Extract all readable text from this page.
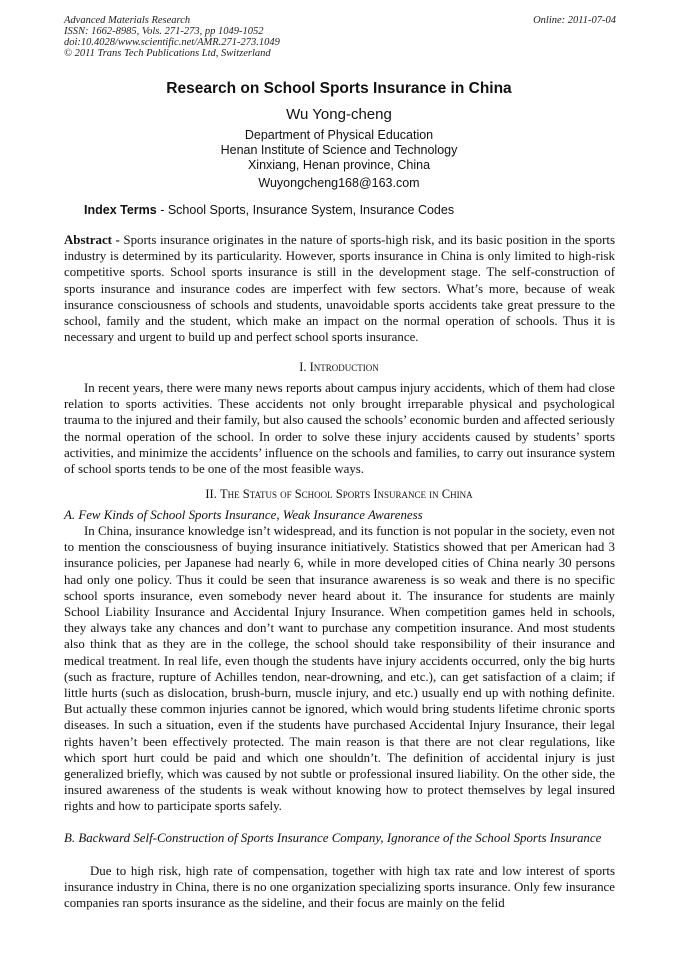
Advanced Materials Research
ISSN: 1662-8985, Vols. 271-273, pp 1049-1052
doi:10.4028/www.scientific.net/AMR.271-273.1049
© 2011 Trans Tech Publications Ltd, Switzerland
Online: 2011-07-04
Research on School Sports Insurance in China
Wu Yong-cheng
Department of Physical Education
Henan Institute of Science and Technology
Xinxiang, Henan province, China
Wuyongcheng168@163.com
Index Terms - School Sports, Insurance System, Insurance Codes
Abstract - Sports insurance originates in the nature of sports-high risk, and its basic position in the sports industry is determined by its particularity. However, sports insurance in China is only limited to high-risk competitive sports. School sports insurance is still in the development stage. The self-construction of sports insurance and insurance codes are imperfect with few sectors. What’s more, because of weak insurance consciousness of schools and students, unavoidable sports accidents take great pressure to the school, family and the student, which make an impact on the normal operation of schools. Thus it is necessary and urgent to build up and perfect school sports insurance.
I. Introduction
In recent years, there were many news reports about campus injury accidents, which of them had close relation to sports activities. These accidents not only brought irreparable physical and psychological trauma to the injured and their family, but also caused the schools’ economic burden and affected seriously the normal operation of the school. In order to solve these injury accidents caused by students’ sports activities, and minimize the accidents’ influence on the schools and families, to carry out insurance system of school sports tends to be one of the most feasible ways.
II. The Status of School Sports Insurance in China
A. Few Kinds of School Sports Insurance, Weak Insurance Awareness
In China, insurance knowledge isn’t widespread, and its function is not popular in the society, even not to mention the consciousness of buying insurance initiatively. Statistics showed that per American had 3 insurance policies, per Japanese had nearly 6, while in more developed cities of China nearly 30 persons had only one policy. Thus it could be seen that insurance awareness is so weak and there is no specific school sports insurance, even somebody never heard about it. The insurance for students are mainly School Liability Insurance and Accidental Injury Insurance. When competition games held in schools, they always take any chances and don’t want to purchase any competition insurance. And most students also think that as they are in the college, the school should take responsibility of their insurance and medical treatment. In real life, even though the students have injury accidents occurred, only the big hurts (such as fracture, rupture of Achilles tendon, near-drowning, and etc.), can get satisfaction of a claim; if little hurts (such as dislocation, brush-burn, muscle injury, and etc.) usually end up with nothing definite. But actually these common injuries cannot be ignored, which would bring students lifetime chronic sports diseases. In such a situation, even if the students have purchased Accidental Injury Insurance, their legal rights haven’t been effectively protected. The main reason is that there are not clear regulations, like which sport hurt could be paid and which one shouldn’t. The definition of accidental injury is just generalized briefly, which was caused by not subtle or professional insured liability. On the other side, the insured awareness of the students is weak without knowing how to protect themselves by legal insured rights and how to participate sports safely.
B. Backward Self-Construction of Sports Insurance Company, Ignorance of the School Sports Insurance
Due to high risk, high rate of compensation, together with high tax rate and low interest of sports insurance industry in China, there is no one organization specializing sports insurance. Only few insurance companies ran sports insurance as the sideline, and their focus are mainly on the felid
